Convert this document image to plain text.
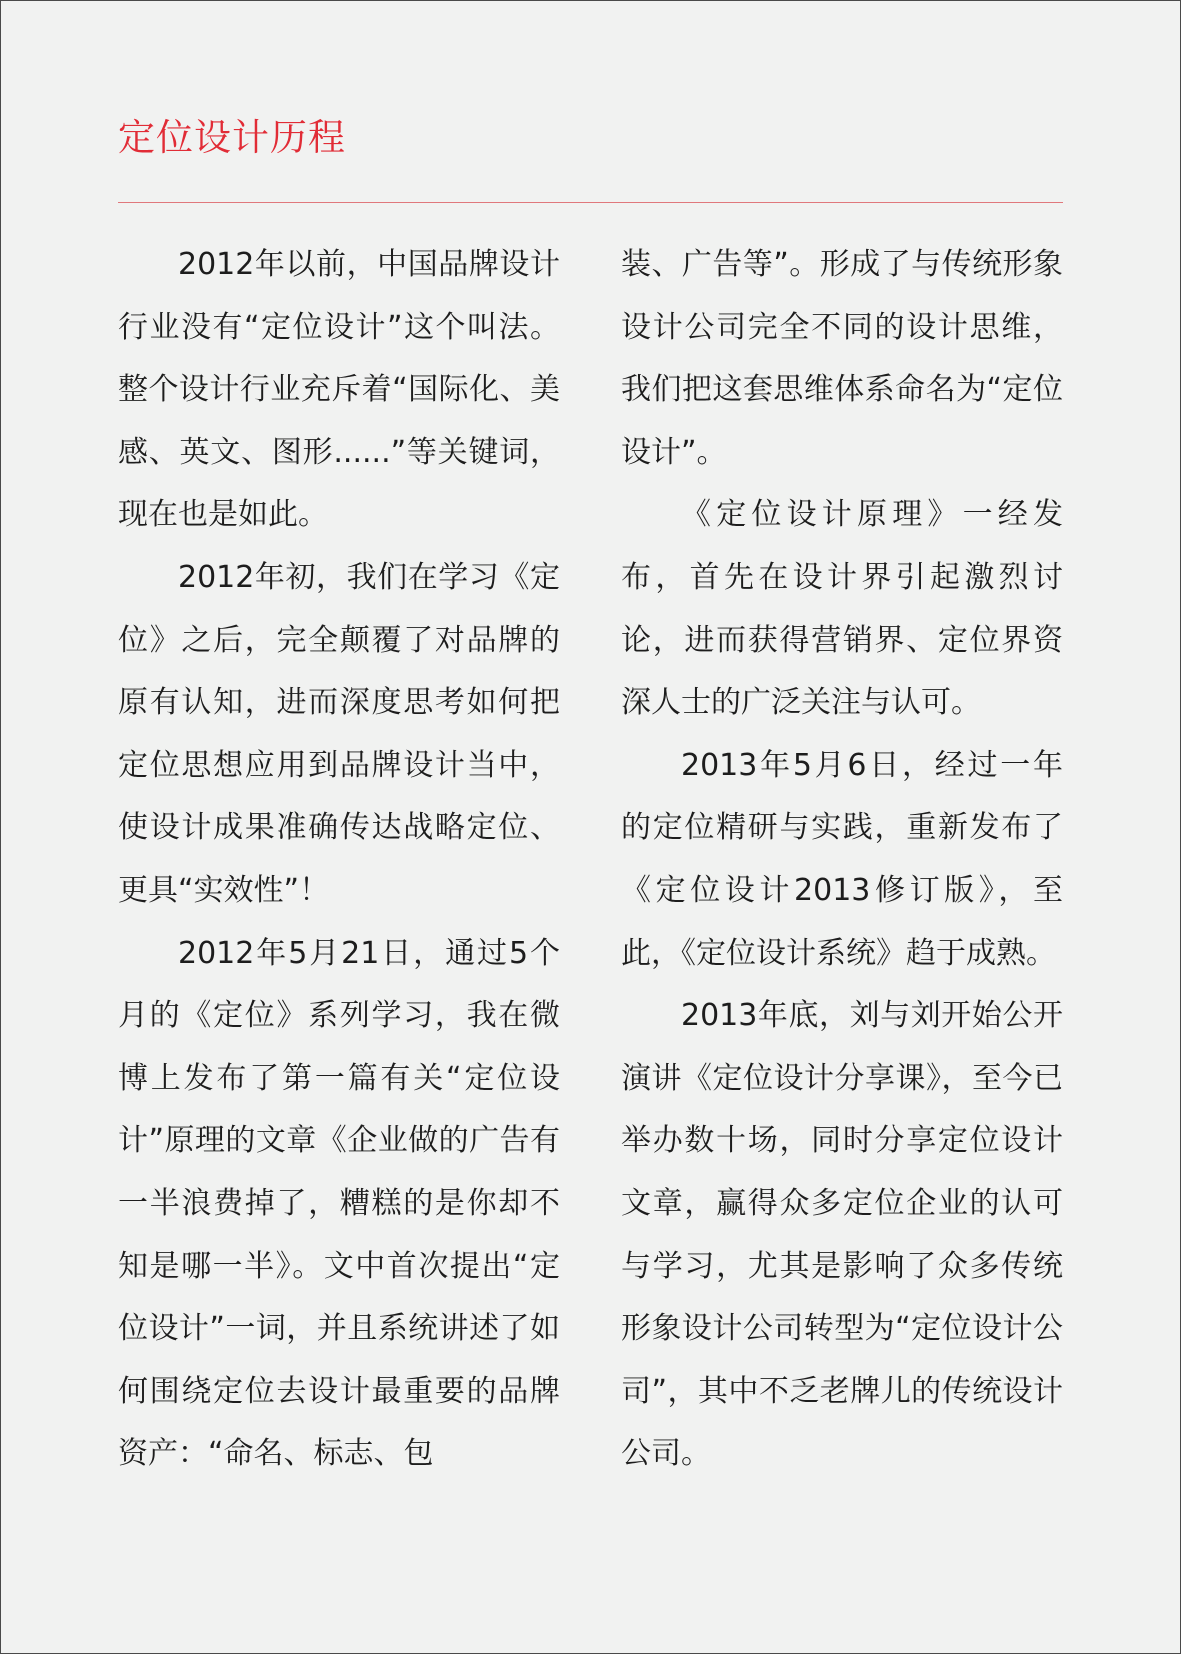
定位设计历程

2012年以前，中国品牌设计行业没有“定位设计”这个叫法。整个设计行业充斥着“国际化、美感、英文、图形......”等关键词，现在也是如此。

2012年初，我们在学习《定位》之后，完全颠覆了对品牌的原有认知，进而深度思考如何把定位思想应用到品牌设计当中，使设计成果准确传达战略定位、更具“实效性”！

2012年5月21日，通过5个月的《定位》系列学习，我在微博上发布了第一篇有关“定位设计”原理的文章《企业做的广告有一半浪费掉了，糟糕的是你却不知是哪一半》。文中首次提出“定位设计”一词，并且系统讲述了如何围绕定位去设计最重要的品牌资产：“命名、标志、包

装、广告等”。形成了与传统形象设计公司完全不同的设计思维，我们把这套思维体系命名为“定位设计”。

《定位设计原理》一经发布，首先在设计界引起激烈讨论，进而获得营销界、定位界资深人士的广泛关注与认可。

2013年5月6日，经过一年的定位精研与实践，重新发布了《定位设计2013修订版》，至此，《定位设计系统》趋于成熟。

2013年底，刘与刘开始公开演讲《定位设计分享课》，至今已举办数十场，同时分享定位设计文章，赢得众多定位企业的认可与学习，尤其是影响了众多传统形象设计公司转型为“定位设计公司”，其中不乏老牌儿的传统设计公司。
